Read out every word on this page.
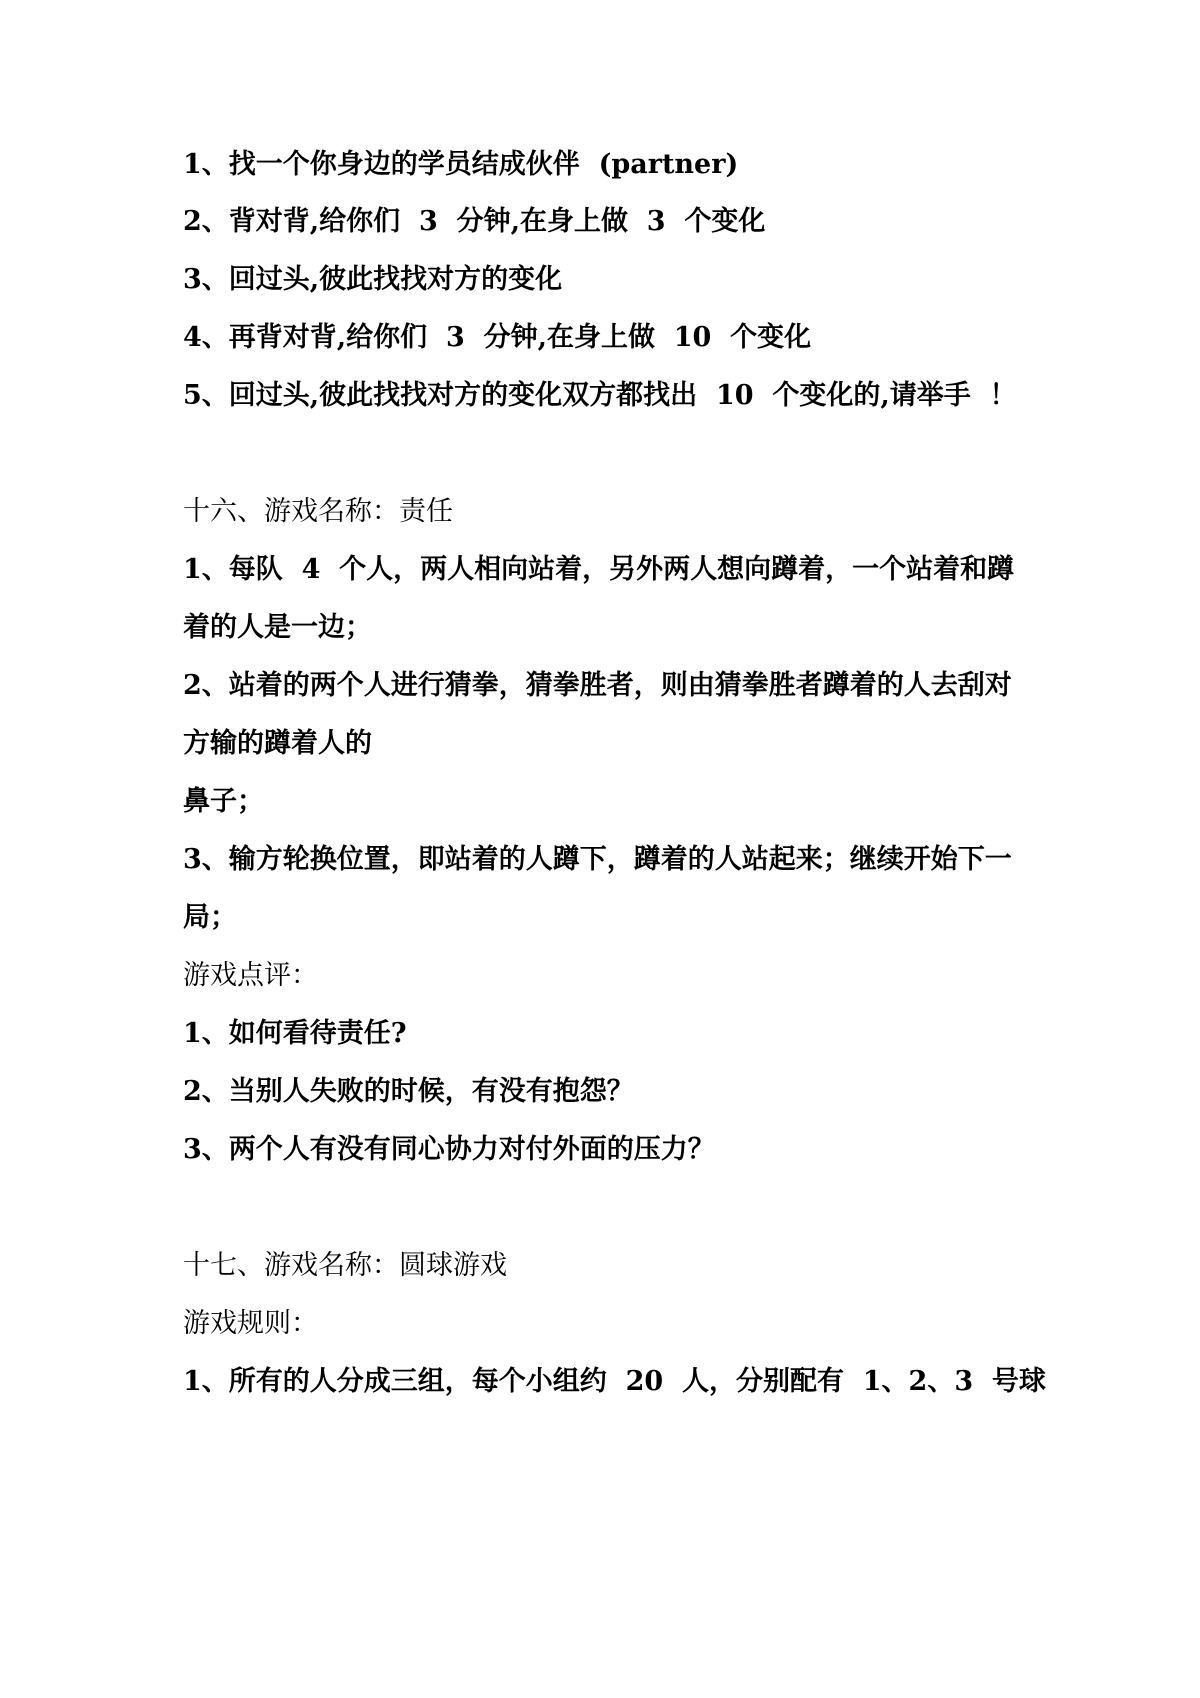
1、找一个你身边的学员结成伙伴  (partner)

2、背对背,给你们  3  分钟,在身上做  3  个变化

3、回过头,彼此找找对方的变化

4、再背对背,给你们  3  分钟,在身上做  10  个变化

5、回过头,彼此找找对方的变化双方都找出  10  个变化的,请举手  ！

十六、游戏名称：责任

1、每队  4  个人，两人相向站着，另外两人想向蹲着，一个站着和蹲

着的人是一边；

2、站着的两个人进行猜拳，猜拳胜者，则由猜拳胜者蹲着的人去刮对

方输的蹲着人的

鼻子；

3、输方轮换位置，即站着的人蹲下，蹲着的人站起来；继续开始下一

局；

游戏点评：

1、如何看待责任?

2、当别人失败的时候，有没有抱怨？

3、两个人有没有同心协力对付外面的压力？

十七、游戏名称：圆球游戏

游戏规则：

1、所有的人分成三组，每个小组约  20  人，分别配有  1、2、3  号球
